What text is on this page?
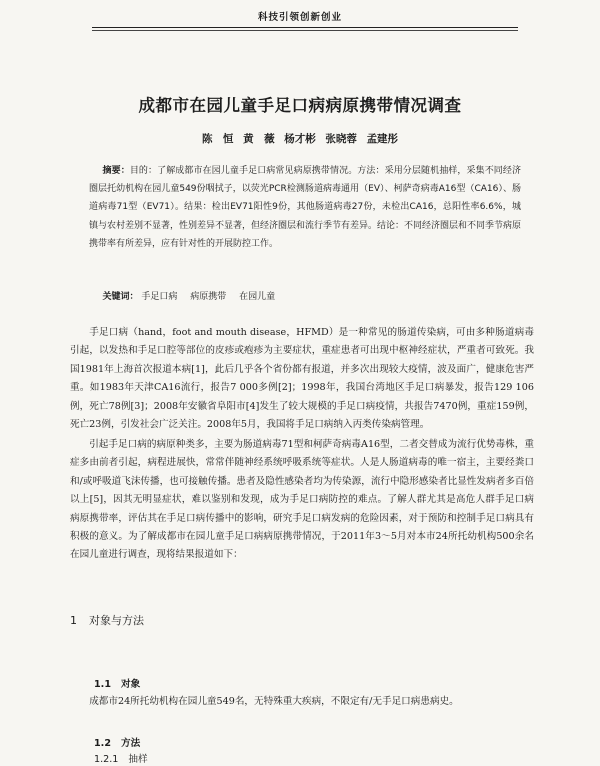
科技引领创新创业
成都市在园儿童手足口病病原携带情况调查
陈　恒 黄　薇 杨才彬 张晓蓉 孟建彤
摘要：目的：了解成都市在园儿童手足口病常见病原携带情况。方法：采用分层随机抽样，采集不同经济圈层托幼机构在园儿童549份咽拭子，以荧光PCR检测肠道病毒通用（EV）、柯萨奇病毒A16型（CA16）、肠道病毒71型（EV71）。结果：检出EV71阳性9份，其他肠道病毒27份，未检出CA16，总阳性率6.6%，城镇与农村差别不显著，性别差异不显著，但经济圈层和流行季节有差异。结论：不同经济圈层和不同季节病原携带率有所差异，应有针对性的开展防控工作。
关键词： 手足口病 病原携带 在园儿童
手足口病（hand，foot and mouth disease，HFMD）是一种常见的肠道传染病，可由多种肠道病毒引起，以发热和手足口腔等部位的皮疹或疱疹为主要症状，重症患者可出现中枢神经症状，严重者可致死。我国1981年上海首次报道本病[1]，此后几乎各个省份都有报道，并多次出现较大疫情，波及面广，健康危害严重。如1983年天津CA16流行，报告7 000多例[2]；1998年，我国台湾地区手足口病暴发，报告129 106例，死亡78例[3]；2008年安徽省阜阳市[4]发生了较大规模的手足口病疫情，共报告7470例，重症159例，死亡23例，引发社会广泛关注。2008年5月，我国将手足口病纳入丙类传染病管理。
引起手足口病的病原种类多，主要为肠道病毒71型和柯萨奇病毒A16型，二者交替成为流行优势毒株，重症多由前者引起，病程进展快，常常伴随神经系统呼吸系统等症状。人是人肠道病毒的唯一宿主，主要经粪口和/或呼吸道飞沫传播，也可接触传播。患者及隐性感染者均为传染源，流行中隐形感染者比显性发病者多百倍以上[5]，因其无明显症状，难以鉴别和发现，成为手足口病防控的难点。了解人群尤其是高危人群手足口病病原携带率，评估其在手足口病传播中的影响，研究手足口病发病的危险因素，对于预防和控制手足口病具有积极的意义。为了解成都市在园儿童手足口病病原携带情况，于2011年3～5月对本市24所托幼机构500余名在园儿童进行调查，现将结果报道如下：
1 对象与方法
1.1 对象
成都市24所托幼机构在园儿童549名，无特殊重大疾病，不限定有/无手足口病患病史。
1.2 方法
1.2.1 抽样
